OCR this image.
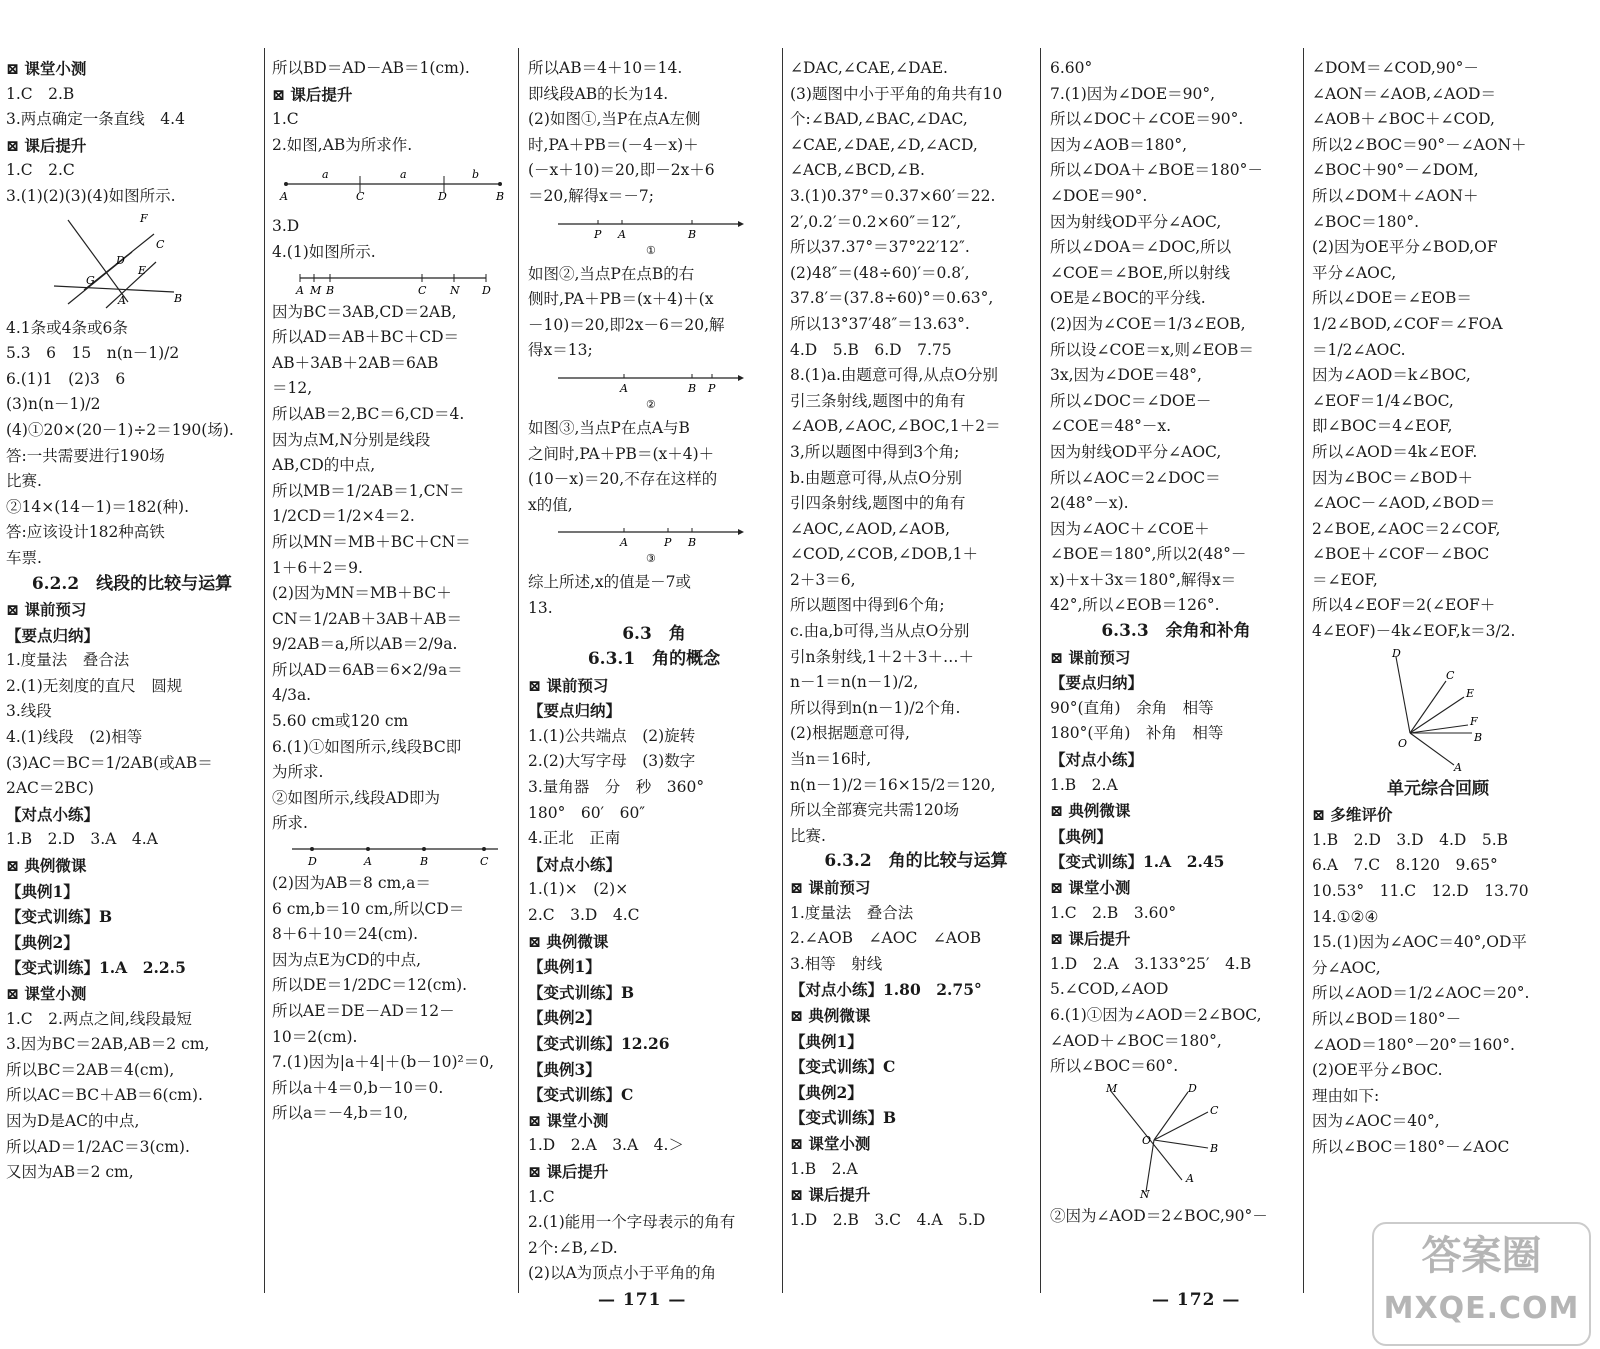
⊠ 课堂小测
1.C　2.B
3.两点确定一条直线　4.4
⊠ 课后提升
1.C　2.C
3.(1)(2)(3)(4)如图所示.
F
C
D
E
G
A	B
4.1条或4条或6条
5.3　6　15　n(n－1)/2
6.(1)1　(2)3　6
(3)n(n－1)/2
(4)①20×(20－1)÷2＝190(场).
答:一共需要进行190场
比赛.
②14×(14－1)＝182(种).
答:应该设计182种高铁
车票.
6.2.2　线段的比较与运算
⊠ 课前预习
【要点归纳】
1.度量法　叠合法
2.(1)无刻度的直尺　圆规
3.线段
4.(1)线段　(2)相等
(3)AC＝BC＝1/2AB(或AB＝
2AC＝2BC)
【对点小练】
1.B　2.D　3.A　4.A
⊠ 典例微课
【典例1】
【变式训练】B
【典例2】
【变式训练】1.A　2.2.5
⊠ 课堂小测
1.C　2.两点之间,线段最短
3.因为BC＝2AB,AB＝2 cm,
所以BC＝2AB＝4(cm),
所以AC＝BC＋AB＝6(cm).
因为D是AC的中点,
所以AD＝1/2AC＝3(cm).
又因为AB＝2 cm,
所以BD＝AD－AB＝1(cm).
⊠ 课后提升
1.C
2.如图,AB为所求作.
A
a
C
a
D
b
B
3.D
4.(1)如图所示.
A M B	C N D
因为BC＝3AB,CD＝2AB,
所以AD＝AB＋BC＋CD＝
AB＋3AB＋2AB＝6AB
＝12,
所以AB＝2,BC＝6,CD＝4.
因为点M,N分别是线段
AB,CD的中点,
所以MB＝1/2AB＝1,CN＝
1/2CD＝1/2×4＝2.
所以MN＝MB＋BC＋CN＝
1＋6＋2＝9.
(2)因为MN＝MB＋BC＋
CN＝1/2AB＋3AB＋AB＝
9/2AB＝a,所以AB＝2/9a.
所以AD＝6AB＝6×2/9a＝
4/3a.
5.60 cm或120 cm
6.(1)①如图所示,线段BC即
为所求.
②如图所示,线段AD即为
所求.
D	A	B	C
(2)因为AB＝8 cm,a＝
6 cm,b＝10 cm,所以CD＝
8＋6＋10＝24(cm).
因为点E为CD的中点,
所以DE＝1/2DC＝12(cm).
所以AE＝DE－AD＝12－
10＝2(cm).
7.(1)因为|a＋4|＋(b－10)²＝0,
所以a＋4＝0,b－10＝0.
所以a＝－4,b＝10,
所以AB＝4＋10＝14.
即线段AB的长为14.
(2)如图①,当P在点A左侧
时,PA＋PB＝(－4－x)＋
(－x＋10)＝20,即－2x＋6
＝20,解得x＝－7;
P A	B
①
如图②,当点P在点B的右
侧时,PA＋PB＝(x＋4)＋(x
－10)＝20,即2x－6＝20,解
得x＝13;
A	B P
②
如图③,当点P在点A与B
之间时,PA＋PB＝(x＋4)＋
(10－x)＝20,不存在这样的
x的值,
A	P B
③
综上所述,x的值是－7或
13.
6.3　角
6.3.1　角的概念
⊠ 课前预习
【要点归纳】
1.(1)公共端点　(2)旋转
2.(2)大写字母　(3)数字
3.量角器　分　秒　360°
180°　60′　60″
4.正北　正南
【对点小练】
1.(1)×　(2)×
2.C　3.D　4.C
⊠ 典例微课
【典例1】
【变式训练】B
【典例2】
【变式训练】12.26
【典例3】
【变式训练】C
⊠ 课堂小测
1.D　2.A　3.A　4.＞
⊠ 课后提升
1.C
2.(1)能用一个字母表示的角有
2个:∠B,∠D.
(2)以A为顶点小于平角的角
∠DAC,∠CAE,∠DAE.
(3)题图中小于平角的角共有10
个:∠BAD,∠BAC,∠DAC,
∠CAE,∠DAE,∠D,∠ACD,
∠ACB,∠BCD,∠B.
3.(1)0.37°＝0.37×60′＝22.
2′,0.2′＝0.2×60″＝12″,
所以37.37°＝37°22′12″.
(2)48″＝(48÷60)′＝0.8′,
37.8′＝(37.8÷60)°＝0.63°,
所以13°37′48″＝13.63°.
4.D　5.B　6.D　7.75
8.(1)a.由题意可得,从点O分别
引三条射线,题图中的角有
∠AOB,∠AOC,∠BOC,1＋2＝
3,所以题图中得到3个角;
b.由题意可得,从点O分别
引四条射线,题图中的角有
∠AOC,∠AOD,∠AOB,
∠COD,∠COB,∠DOB,1＋
2＋3＝6,
所以题图中得到6个角;
c.由a,b可得,当从点O分别
引n条射线,1＋2＋3＋…＋
n－1＝n(n－1)/2,
所以得到n(n－1)/2个角.
(2)根据题意可得,
当n＝16时,
n(n－1)/2＝16×15/2＝120,
所以全部赛完共需120场
比赛.
6.3.2　角的比较与运算
⊠ 课前预习
1.度量法　叠合法
2.∠AOB　∠AOC　∠AOB
3.相等　射线
【对点小练】1.80　2.75°
⊠ 典例微课
【典例1】
【变式训练】C
【典例2】
【变式训练】B
⊠ 课堂小测
1.B　2.A
⊠ 课后提升
1.D　2.B　3.C　4.A　5.D
6.60°
7.(1)因为∠DOE＝90°,
所以∠DOC＋∠COE＝90°.
因为∠AOB＝180°,
所以∠DOA＋∠BOE＝180°－
∠DOE＝90°.
因为射线OD平分∠AOC,
所以∠DOA＝∠DOC,所以
∠COE＝∠BOE,所以射线
OE是∠BOC的平分线.
(2)因为∠COE＝1/3∠EOB,
所以设∠COE＝x,则∠EOB＝
3x,因为∠DOE＝48°,
所以∠DOC＝∠DOE－
∠COE＝48°－x.
因为射线OD平分∠AOC,
所以∠AOC＝2∠DOC＝
2(48°－x).
因为∠AOC＋∠COE＋
∠BOE＝180°,所以2(48°－
x)＋x＋3x＝180°,解得x＝
42°,所以∠EOB＝126°.
6.3.3　余角和补角
⊠ 课前预习
【要点归纳】
90°(直角)　余角　相等
180°(平角)　补角　相等
【对点小练】
1.B　2.A
⊠ 典例微课
【典例】
【变式训练】1.A　2.45
⊠ 课堂小测
1.C　2.B　3.60°
⊠ 课后提升
1.D　2.A　3.133°25′　4.B
5.∠COD,∠AOD
6.(1)①因为∠AOD＝2∠BOC,
∠AOD＋∠BOC＝180°,
所以∠BOC＝60°.
M	D
C
O
B
N
A
②因为∠AOD＝2∠BOC,90°－
∠DOM＝∠COD,90°－
∠AON＝∠AOB,∠AOD＝
∠AOB＋∠BOC＋∠COD,
所以2∠BOC＝90°－∠AON＋
∠BOC＋90°－∠DOM,
所以∠DOM＋∠AON＋
∠BOC＝180°.
(2)因为OE平分∠BOD,OF
平分∠AOC,
所以∠DOE＝∠EOB＝
1/2∠BOD,∠COF＝∠FOA
＝1/2∠AOC.
因为∠AOD＝k∠BOC,
∠EOF＝1/4∠BOC,
即∠BOC＝4∠EOF,
所以∠AOD＝4k∠EOF.
因为∠BOC＝∠BOD＋
∠AOC－∠AOD,∠BOD＝
2∠BOE,∠AOC＝2∠COF,
∠BOE＋∠COF－∠BOC
＝∠EOF,
所以4∠EOF＝2(∠EOF＋
4∠EOF)－4k∠EOF,k＝3/2.
D
C
E
F
B
O
A
单元综合回顾
⊠ 多维评价
1.B　2.D　3.D　4.D　5.B
6.A　7.C　8.120　9.65°
10.53°　11.C　12.D　13.70
14.①②④
15.(1)因为∠AOC＝40°,OD平
分∠AOC,
所以∠AOD＝1/2∠AOC＝20°.
所以∠BOD＝180°－
∠AOD＝180°－20°＝160°.
(2)OE平分∠BOC.
理由如下:
因为∠AOC＝40°,
所以∠BOC＝180°－∠AOC
— 171 —	— 172 —
答案圈
MXQE.COM
